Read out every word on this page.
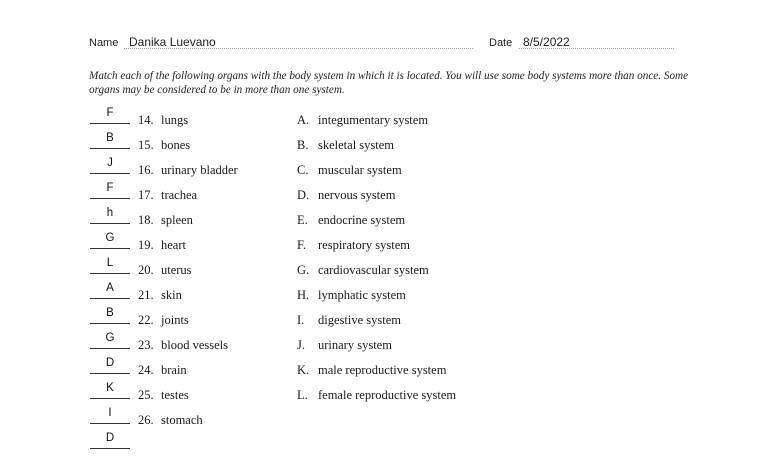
Name Danika Luevano	Date 8/5/2022
Match each of the following organs with the body system in which it is located. You will use some body systems more than once. Some organs may be considered to be in more than one system.
F	14. lungs
B	15. bones
J	16. urinary bladder
F	17. trachea
h	18. spleen
G	19. heart
L	20. uterus
A	21. skin
B	22. joints
G	23. blood vessels
D	24. brain
K	25. testes
I	26. stomach
D
A. integumentary system
B. skeletal system
C. muscular system
D. nervous system
E. endocrine system
F. respiratory system
G. cardiovascular system
H. lymphatic system
I. digestive system
J. urinary system
K. male reproductive system
L. female reproductive system
